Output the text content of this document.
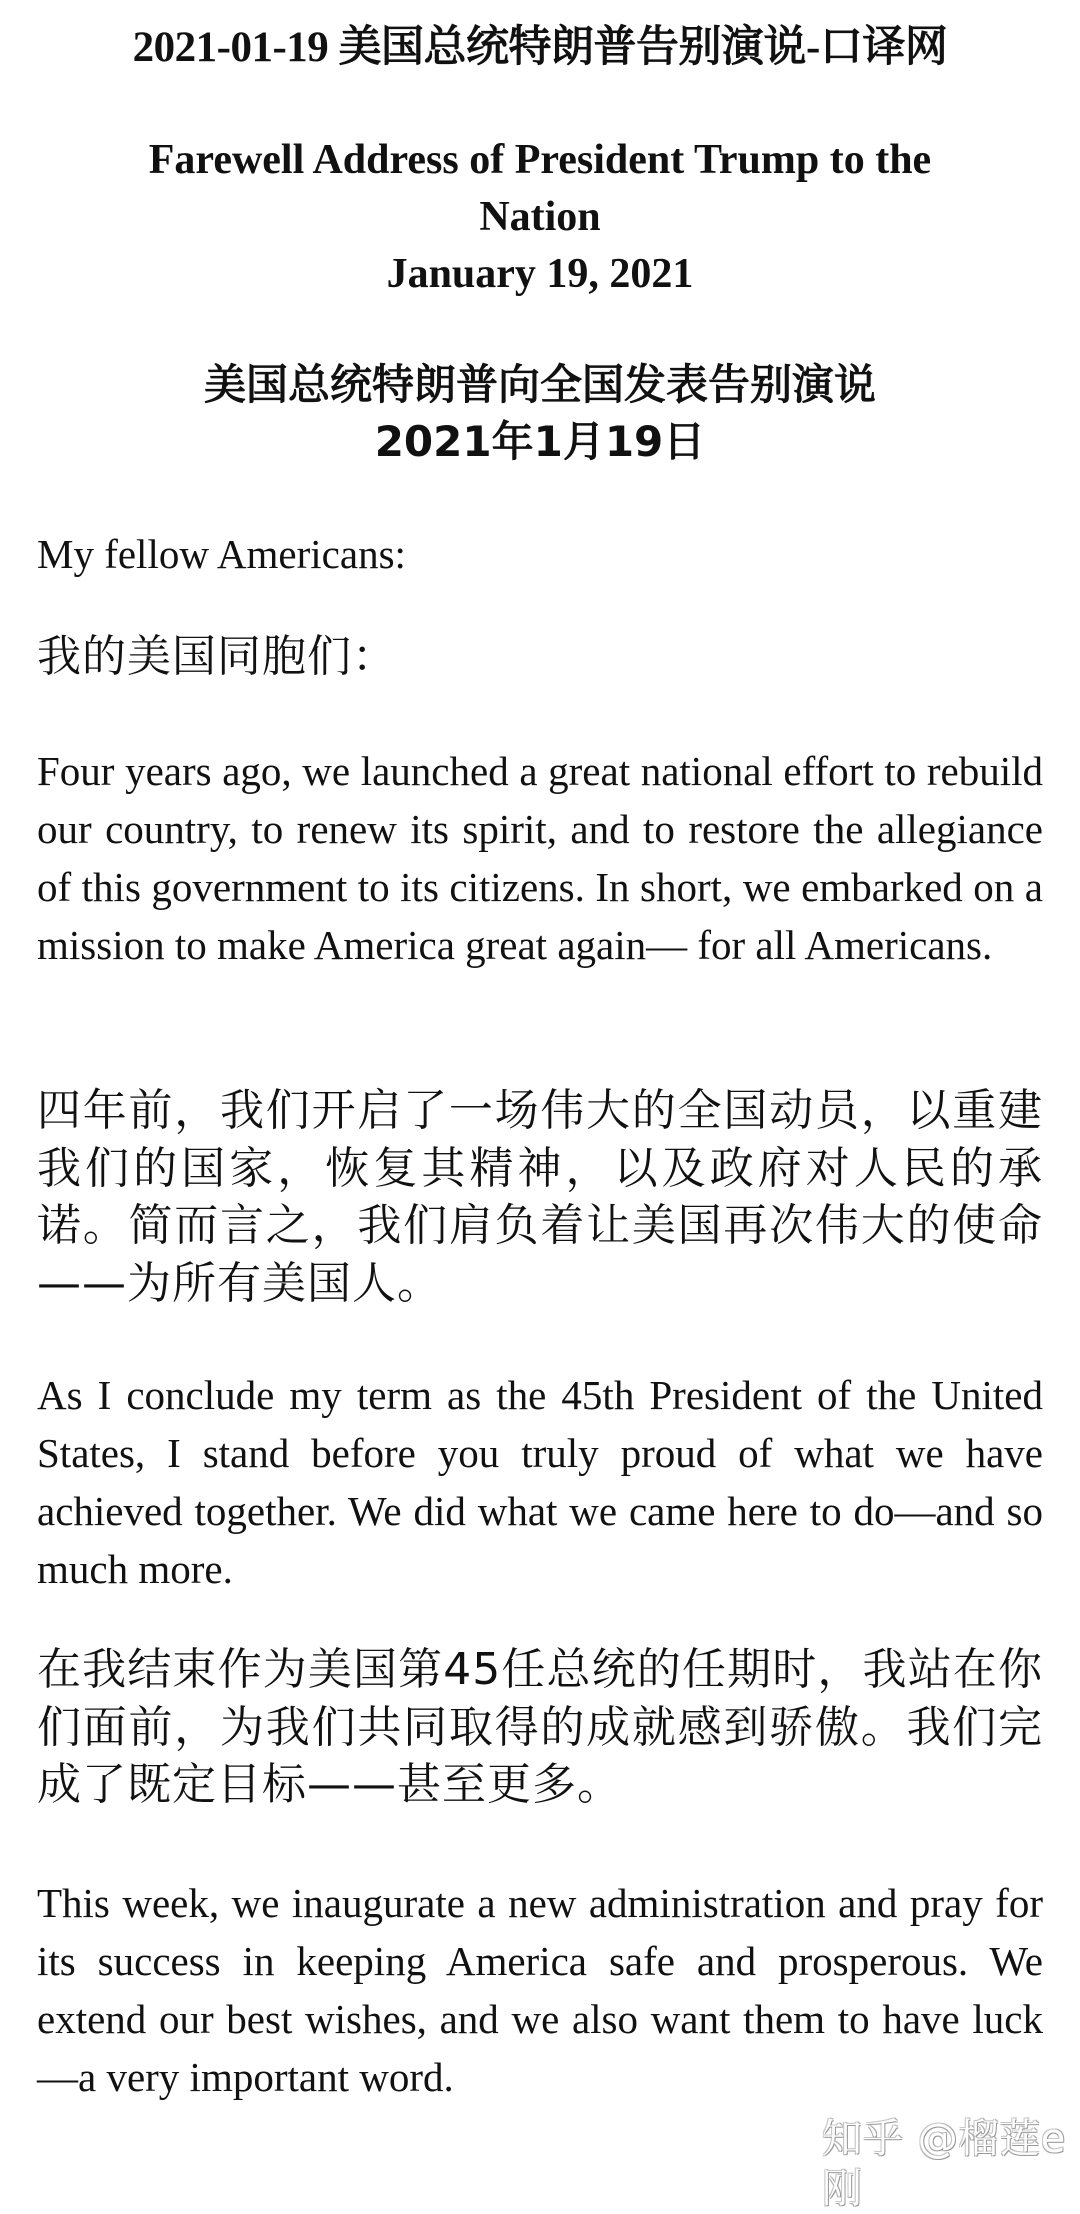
2021-01-19 美国总统特朗普告别演说-口译网
Farewell Address of President Trump to the
Nation
January 19, 2021
美国总统特朗普向全国发表告别演说
2021年1月19日
My fellow Americans:
我的美国同胞们：
Four years ago, we launched a great national effort to rebuild our country, to renew its spirit, and to restore the allegiance of this government to its citizens. In short, we embarked on a mission to make America great again— for all Americans.
四年前，我们开启了一场伟大的全国动员，以重建我们的国家，恢复其精神，以及政府对人民的承诺。简而言之，我们肩负着让美国再次伟大的使命——为所有美国人。
As I conclude my term as the 45th President of the United States, I stand before you truly proud of what we have achieved together. We did what we came here to do—and so much more.
在我结束作为美国第45任总统的任期时，我站在你们面前，为我们共同取得的成就感到骄傲。我们完成了既定目标——甚至更多。
This week, we inaugurate a new administration and pray for its success in keeping America safe and prosperous. We extend our best wishes, and we also want them to have luck—a very important word.
知乎 @榴莲e刚
